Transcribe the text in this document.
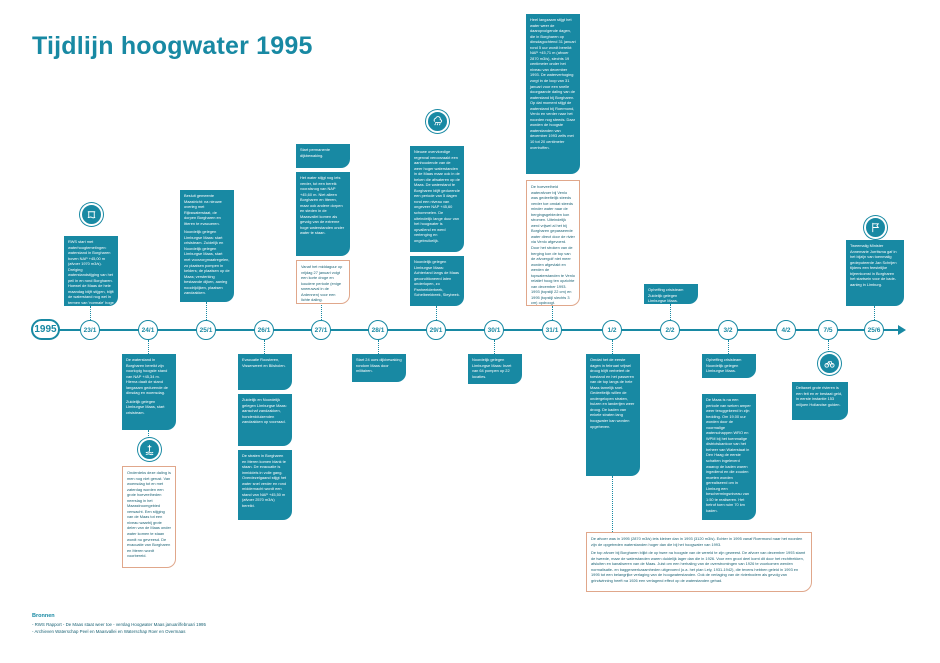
Tijdlijn hoogwater 1995
1995	23/1	24/1	25/1	26/1	27/1	28/1	29/1	30/1	31/1	1/2	2/2	3/2	4/2	7/5	25/6
RWS start met waterhoogtemetingen: waterstand in Borgharen boven NAP +45,00 m (afvoer 1970 m3/s). Dreiging waterstandstijging van het peil in en rond Borgharen. Hoewel de Maas de hele maandag blijft stijgen, blijft de waterstand nog wel in termen van 'normale' hoge waterstanden.
De waterstand in Borgharen bereikt zijn voorlopig hoogste stand van NAP +45,34 m. Hierna daalt de stand langzaam gedurende de dinsdag en woensdag.
Zuidelijk gelegen Limburgse Maas, start crisisteam.
Onderdeks deze daling is men nog niet gerust. Van woensdag tot en met zaterdag worden een grote hoeveelheden neerslag in het Maasstroomgebied verwacht. Een stijging van de Maas tot een niveau waarbij grote delen van de Maas onder water komen te staan wordt nu gevreesd. De evacuatie van Borgharen en Itteren wordt voorbereid.
Besluit gemeente Maastricht: na nieuwe overleg met Rijkswaterstaat, de dorpen Borgharen en Itteren te evacueren.
Noordelijk gelegen Limburgse Maas: start crisisteam. Zuidelijk en Noordelijk gelegen Limburgse Maas, start met voorzorgmaatregelen, zo plaatsen pompen in kelders; de plaatsen op de Maas; versterking bestaande dijken, aanleg noodrijdijken, plaatsen zandzakken.
Evacuatie Roosteren, Visserweert en Bilsholen.
Zuidelijk en Noordelijk gelegen Limburgse Maas: aanschaf zandzakken, honderdduizenden zandzakken op voorraad.
De straten in Borgharen en Itteren komen blank te staan. De evacuatie is inmiddels in volle gang. Overdezelgaand stijgt het water snel verder en rond middernacht wordt een stand van NAP +45,50 m (afvoer 2570 m3/s) bereikt.
Start permanente dijkbewaking.
Het water stijgt nog iets verder, tot een bereik vooralsnog van NAP +45,60 m. Niet alleen Borgharen en Itteren, maar ook andere dorpen en steden in de Maasvallei komen als gevolg van de extreme hoge waterstanden onder water te staan.
Vanaf het middaguur op vrijdag 27 januari volgt een korte droge en koudere periode (enige sneeuwval in de Ardennen) voor een lichte daling.
Start 24 uurs dijkbewaking rondom Maas door militairen.
Nieuwe overvloedige regenval veroorzaakt een aanhoudende van de weer hoger waterstanden in de Maas maar ook in de beken die afwateren op de Maas. De waterstand te Borgharen blijft gedurende een periode van 5 dagen rond een niveau van ongeveer NAP +45,60 schommelen. De uiteindelijk lange duur van het hoogwater is opvallend en werd verlenging en ongebruikelijk.
Noordelijk gelegen Limburgse Maas: Achterland langs de Maas geconditioneerd laten onderlopen, zo Panheelderbeek, Schelbeekbeek, Sleybeek.
Noordelijk gelegen Limburgse Maas: Inzet van 64 pompen op 22 locaties.
Heel langzaam stijgt het water weer de daaropvolgende dagen, die in Borgharen op dinsdagochtend 31 januari rond 5 uur wordt bereikt: NAP +45,71 m (afvoer 2870 m3/s), slechts 19 centimeter onder het niveau van december 1993. De waterverhoging zorgt in de loop van 31 januari voor een snelle doorgaande daling van de waterstand bij Borgharen. Op dat moment stijgt de waterstand bij Roermond, Venlo en verder naar het noorden nog steeds. Daar worden de hoogste waterstanden van december 1993 zelfs met 10 tot 20 centimeter overtroffen.
De hoeveelheid waterafvoer bij Venlo was gedeeltelijk steeds verder toe omdat steeds minder water naar de bergingsgebieden kon stromen. Uiteindelijk werd vrijwel al het bij Borgharen gepasseerde water direct door de rivier via Venlo afgevoerd. Door het stroken van de berging kon de top van de afvoergolf niet meer worden afgevlakt en werden de topwaterstanden te Venlo relatief hoog ten opzichte van december 1993. 1993 (topstijl 22 cm) en 1995 (topstijl slechts 3 cm) opdroogt.
Omdat het de eerste dagen in februari vrijwel droog blijft verbetert de toestand en het passeren van de top langs de hele Maas tamelijk snel. Gedeeltelijk willen de ondergelopen straten, huizen en landerijen weer droog. De kaden van enkele straten lang hoogwater kan worden opgeheven.
Opheffing crisisteam Zuidelijk gelegen Limburgse Maas.
Opheffing crisisteam Noordelijk gelegen Limburgse Maas.
De Maas is na een periode van weken amper weer teruggekeerd in zijn bedding. Om 19.00 uur worden door de voormalige waterschappen WRO en WPM bij het toenmalige districtskantoor van het beheer van Waterstaat in Den Haag de eerste schatten ingeleverd waarop de kaden waren ingediend en die zouden moeten worden gerealiseerd om in Limburg een beschermingsniveau van 1:50 te realiseren. Het betrof toen ruim 70 km kaden.
Deltawet grote rivieren is een feit en er bestaat geld, in eerste instantie 153 miljoen Hollandse gulden.
Tweemalig Minister Annemarie Jorritsma gaf in het bijzijn van toenmalig gedeputeerde Jan Schrijen tijdens een feestelijke bijeenkomst in Borgharen het startsein voor de kade-aanleg in Limburg.
De afvoer was in 1995 (2870 m3/s) iets kleiner dan in 1993 (3120 m3/s). Echter in 1995 vanaf Roermond naar het noorden zijn de opgetreden waterstanden hoger dan die bij het hoogwater van 1993.
De top afvoer bij Borgharen blijkt de op twee na hoogste van de wereld te zijn geweest. De afvoer van december 1993 stamt de tweede, maar de waterstanden waren duidelijk lager dan die in 1926. Voor een groot deel komt dit door het rechttrekken, afsluiten en kanaliseren van de Maas. Juist om een herhaling van de overstromingen van 1926 te voorkomen werden normalisatie- en baggerwerkzaamheden uitgevoerd (o.a. het plan Lely, 1931-1942), die tevens hebben geleid in 1993 en 1995 tot een belangrijke verlaging van de hoogwaterstanden. Ook de verlaging van de rivierbodem als gevolg van grindwinning heeft na 1926 een verlagend effect op de waterstanden gehad.
Bronnen
- RWS Rapport - De Maas staat weer toe - verslag Hoogwater Maas januari/februari 1995
- Archieven Waterschap Peel en Maasvallei en Waterschap Roer en Overmaas
